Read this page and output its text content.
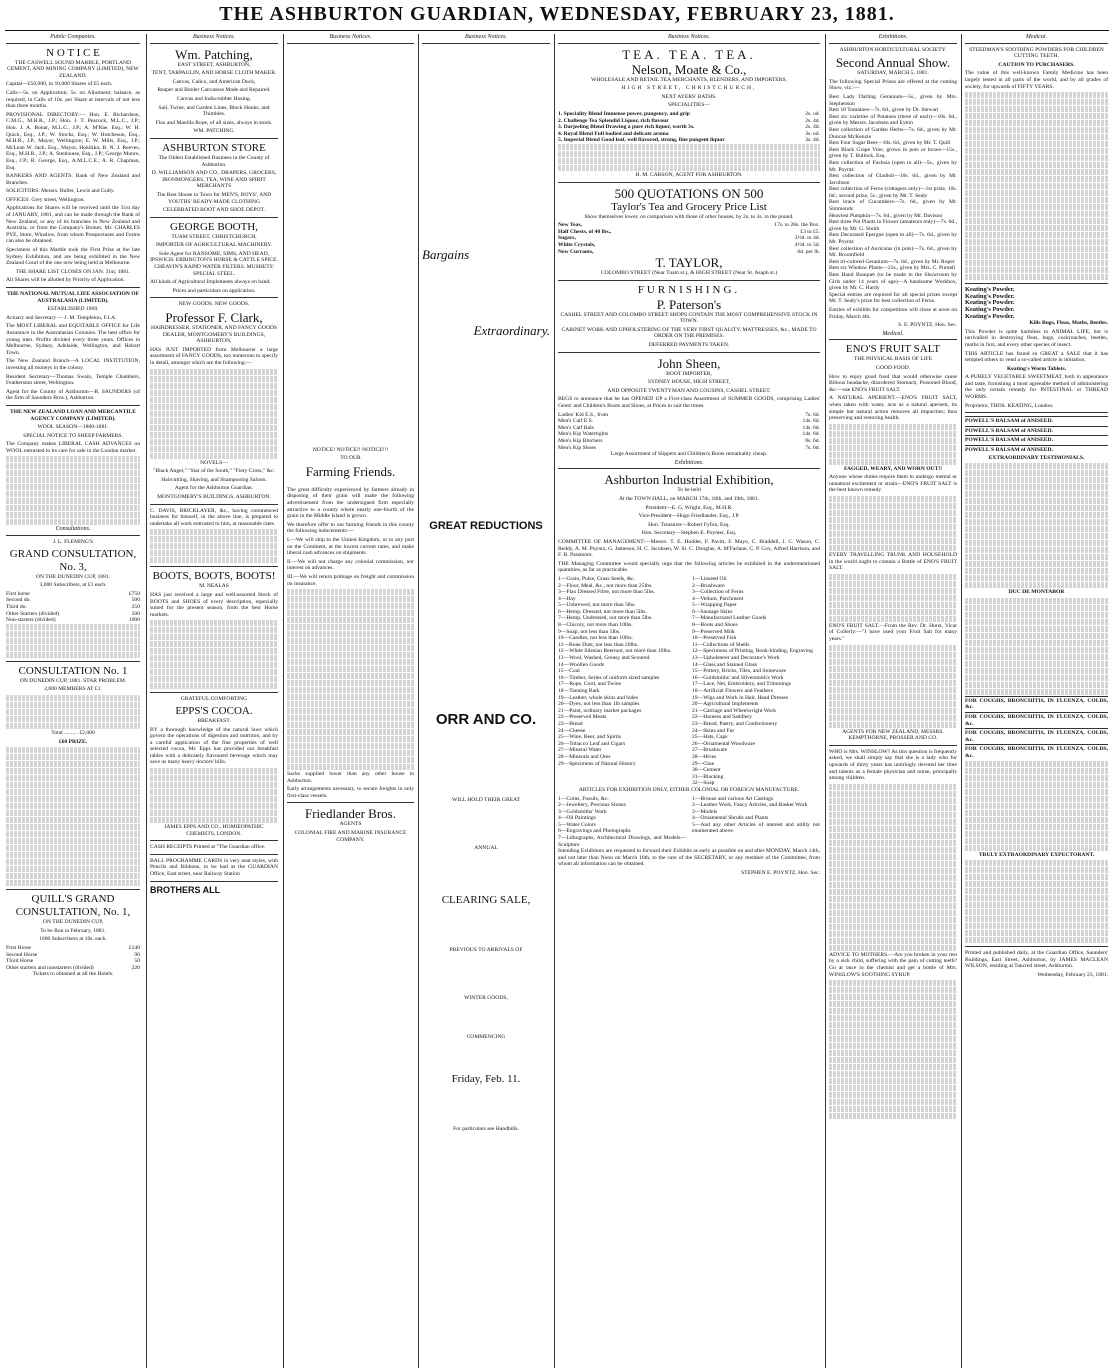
THE ASHBURTON GUARDIAN, WEDNESDAY, FEBRUARY 23, 1881.
Public Companies.
N O T I C E

THE CASWELL SOUND MARBLE, PORTLAND CEMENT, AND MINING COMPANY (LIMITED), NEW ZEALAND.

Capital—£50,000, in 10,000 Shares of £5 each.

Calls—5s. on Application; 5s. on Allotment; balance, as required, in Calls of 10s. per Share at intervals of not less than three months.

PROVISIONAL DIRECTORY:— Hon. E. Richardson, C.M.G., M.H.R., J.P.; Hon. J. T. Peacock, M.L.C., J.P.; Hon. J. A. Bonar, M.L.C., J.P.; A. M'Rae, Esq.; W. H. Quick, Esq., J.P.; W. Stocks, Esq.; W. Hutcheson, Esq., M.H.R., J.P., Mayor, Wellington; E. W. Mills, Esq., J.P.; McLean W. Jack, Esq., Mayor, Hokitika; B. N. J. Reeves, Esq., M.H.R., J.P.; A. Stenhouse, Esq., J.P.; George Munro, Esq., J.P.; R. George, Esq., A.M.L.C.E.; A. R. Chapman, Esq.

BANKERS AND AGENTS: Bank of New Zealand and Branches.

SOLICITORS: Messrs. Buller, Lewis and Gully.

OFFICES: Grey street, Wellington.

Applications for Shares will be received until the 31st day of JANUARY, 1881, and can be made through the Bank of New Zealand, or any of its branches in New Zealand and Australia, or from the Company's Broker, Mr. CHARLES PYE, Store, Winslow, from whom Prospectuses and Forms can also be obtained.

Specimens of this Marble took the First Prize at the late Sydney Exhibition, and are being exhibited in the New Zealand Court of the one now being held at Melbourne.

THE SHARE LIST CLOSES ON JAN. 31st, 1881.

All Shares will be allotted by Priority of Application.

THE NATIONAL MUTUAL LIFE ASSOCIATION OF AUSTRALASIA (LIMITED).

ESTABLISHED 1869.

Actuary and Secretary — J. M. Templeton, F.I.A.

The MOST LIBERAL and EQUITABLE OFFICE for Life Assurance in the Australasian Colonies. The best office for young men. Profits divided every three years. Offices in Melbourne, Sydney, Adelaide, Wellington, and Hobart Town.

The New Zealand Branch—A LOCAL INSTITUTION, investing all moneys in the colony.

Resident Secretary—Thomas Swain, Temple Chambers, Featherston street, Wellington.

Agent for the County of Ashburton—B. SAUNDERS (of the firm of Saunders Bros.), Ashburton.

THE NEW ZEALAND LOAN AND MERCANTILE AGENCY COMPANY (LIMITED).

WOOL SEASON—1880-1881.

SPECIAL NOTICE TO SHEEP FARMERS.

The Company makes LIBERAL CASH ADVANCES on WOOL entrusted to its care for sale in the London market.

Consultations.

J. L. FLEMING'S

GRAND CONSULTATION, No. 3,

ON THE DUNEDIN CUP, 1881.

3,000 Subscribers, at £1 each.

First horse	£750
Second do.	500
Third do.	250
Other Starters (divided)	500
Non-starters (divided)	1000
CONSULTATION No. 1

ON DUNEDIN CUP, 1881. STAR PROBLEM.

2,000 MEMBERS AT £1.

Total .......... £2,000

£60 PRIZE.

QUILL'S GRAND CONSULTATION, No. 1,

ON THE DUNEDIN CUP,

To be Run in February, 1881.

1000 Subscribers at 10s. each.

First Horse	£140
Second Horse	90
Third Horse	50
Other starters and nonstarters (divided)	220

Tickets to obtained at all the Hotels.

Business Notices.
Wm. Patching,

EAST STREET, ASHBURTON,

TENT, TARPAULIN, AND HORSE CLOTH MAKER.

Canvas, Calico, and American Duck,

Reaper and Binder Canvasses Made and Repaired.

Canvas and India-rubber Hosing.

Sail, Twine, and Garden Lines, Block Hooks, and Thimbles.

Flax and Manilla Rope, of all sizes, always in stock.

WM. PATCHING.

ASHBURTON STORE

The Oldest Established Business in the County of Ashburton.

D. WILLIAMSON AND CO., DRAPERS, GROCERS, IRONMONGERS, TEA, WINE AND SPIRIT MERCHANTS

The Best House in Town for MEN'S, BOYS', AND YOUTHS' READY-MADE CLOTHING

CELEBRATED BOOT AND SHOE DEPOT.

GEORGE BOOTH,

TUAM STREET, CHRISTCHURCH,

IMPORTER OF AGRICULTURAL MACHINERY.

Sole Agent for RANSOME, SIMS, AND HEAD, IPSWICH. ERRINGTON'S HORSE & CATTLE SPICE. CHEAVIN'S RAPID WATER FILTERS. MUSHETS' SPECIAL STEEL.

All kinds of Agricultural Implements always on hand.

Prices and particulars on application.

NEW GOODS. NEW GOODS.

Professor F. Clark,

HAIRDRESSER, STATIONER, AND FANCY GOODS DEALER, MONTGOMERY'S BUILDINGS, ASHBURTON,

HAS JUST IMPORTED from Melbourne a large assortment of FANCY GOODS, too numerous to specify in detail, amongst which are the following:—

NOVELS—

"Black Angel," "Star of the South," "Fiery Cross," &c.

Haircutting, Shaving, and Shampooing Saloon.

Agent for the Ashburton Guardian.

MONTGOMERY'S BUILDINGS, ASHBURTON.

C. DAVIS, BRICKLAYER, &c., having commenced business for himself, in the above line, is prepared to undertake all work entrusted to him, at reasonable rates.

BOOTS, BOOTS, BOOTS!

M. NEALAS

HAS just received a large and well-assorted Stock of BOOTS and SHOES of every description, especially suited for the present season, from the best Home markets.

GRATEFUL COMFORTING

EPPS'S COCOA.

BREAKFAST.

BY a thorough knowledge of the natural laws which govern the operations of digestion and nutrition, and by a careful application of the fine properties of well selected cocoa, Mr. Epps has provided our breakfast tables with a delicately flavoured beverage which may save us many heavy doctors' bills.

JAMES EPPS AND CO., HOMŒOPATHIC CHEMISTS, LONDON.

CASH RECEIPTS Printed at "The Guardian office.

BALL PROGRAMME CARDS in very neat styles, with Pencils and Ribbons, to be had at the GUARDIAN Office, East street, near Railway Station

BROTHERS ALL
Business Notices.

NOTICE! NOTICE!! NOTICE!!!

TO OUR

Farming Friends.

The great difficulty experienced by farmers already in disposing of their grain will make the following advertisement from the undersigned firm especially attractive to a county where nearly one-fourth of the grain in the Middle Island is grown.

We therefore offer to our farming friends in this county the following inducements:—

I.—We will ship to the United Kingdom, or to any port on the Continent, at the lowest current rates, and make liberal cash advances on shipments.

II.—We will not charge any colonial commission, nor interest on advances.

III.—We will return primage on freight and commission on insurance.

Sacks supplied lower than any other house in Ashburton.

Early arrangements necessary, to secure freights in only first-class vessels.

Friedlander Bros.

AGENTS

COLONIAL FIRE AND MARINE INSURANCE COMPANY.

Business Notices.
Bargains
Extraordinary.
GREAT REDUCTIONS
ORR AND CO.

WILL HOLD THEIR GREAT

ANNUAL

CLEARING SALE,

PREVIOUS TO ARRIVALS OF

WINTER GOODS,

COMMENCING

Friday, Feb. 11.

For particulars see Handbills.

Business Notices.
TEA. TEA. TEA.
Nelson, Moate & Co.,

WHOLESALE AND RETAIL TEA MERCHANTS, BLENDERS, AND IMPORTERS,

HIGH STREET, CHRISTCHURCH,

NEXT AYERS' BATHS.

SPECIALITIES—

1. Speciality Blend Immense power, pungency, and grip	2s. od.
2. Challenge Tea Splendid Liquor, rich flavour	2s. 4d.
3. Darjeeling Blend Drawing a pure rich liquor, worth 3s.	2s. 4d.
4. Royal Blend Full bodied and delicate aroma	3s. od.
5. Imperial Blend Good leaf, well flavored, strong, fine pungent liquor	3s. 4d.

H. M. CARSON, AGENT FOR ASHBURTON.

500 QUOTATIONS ON 500
Taylor's Tea and Grocery Price List

Show themselves lower, on comparison with those of other houses, by 2s. to 3s. in the pound.

New Teas,	17s. to 28s. the Box.
Half Chests, of 40 lbs.,	£3 to £5.
Sugars,	3½d. to 4d.
White Crystals,	4½d. to 5d.
New Currants,	6d. per lb.
T. TAYLOR,

COLOMBO STREET (Near Tuam st.), & HIGH STREET (Near St. Asaph st.)

FURNISHING.
P. Paterson's

CASHEL STREET AND COLOMBO STREET SHOPS CONTAIN THE MOST COMPREHENSIVE STOCK IN TOWN.

CABINET WORK AND UPHOLSTERING OF THE VERY FIRST QUALITY. MATTRESSES, &c., MADE TO ORDER ON THE PREMISES.

DEFERRED PAYMENTS TAKEN.

John Sheen,

BOOT IMPORTER,

SYDNEY HOUSE, HIGH STREET,

AND OPPOSITE TWENTYMAN AND COUSINS, CASHEL STREET.

BEGS to announce that he has OPENED UP a First-class Assortment of SUMMER GOODS, comprising Ladies' Gents' and Children's Boots and Shoes, at Prices to suit the times.

Ladies' Kid E.S., from	7s. 6d.
Men's Calf E.S.	14s. 6d.
Men's Calf Bals	14s. 6d.
Men's Kip Watertights	14s. 6d.
Men's Kip Bluchers	8s. 6d.
Men's Kip Shoes	7s. 6d.

Large Assortment of Slippers and Children's Boots remarkably cheap.

Exhibitions.
Ashburton Industrial Exhibition,

To be held

At the TOWN HALL, on MARCH 17th, 18th, and 19th, 1881.

President—E. G. Wright, Esq., M.H.R.

Vice-President—Hugo Friedlander, Esq., J.P.

Hon. Treasurer—Robert Fyfon, Esq.

Hon. Secretary—Stephen E. Poynter, Esq.

COMMITTEE OF MANAGEMENT:—Messrs. T. E. Hodder, F. Pavitt, F. Mayo, C. Braddell, J. C. Wason, C. Reddy, A. M. Poyntz, G. Jameson, H. C. Jacobsen, W. St. C. Douglas, A. M'Farlane, C. P. Cox, Alfred Harrison, and F. B. Passmore.

THE Managing Committee would specially urge that the following articles be exhibited in the undermentioned quantities, as far as practicable.

1—Grain, Pulse, Grass Seeds, &c.
2—Flour, Meal, &c., not more than 25lbs.
3—Flax Dressed Fibre, not more than 5lbs.
4—Hay
5—Unbrewed, not more than 5lbs.
6—Hemp, Dressed, not more than 5lbs.
7—Hemp, Undressed, not more than 5lbs.
8—Chicory, not more than 10lbs.
9—Soap, not less than 5lbs.
10—Candles, not less than 10lbs.
11—Bone Dust, not less than 20lbs.
12—White Silesian Beetroot, not more than 10lbs.
13—Wool, Washed, Greasy and Scoured.
14—Woollen Goods
15—Coal
16—Timber, Series of uniform sized samples
17—Rope, Cord, and Twine
18—Tanning Bark
19—Leather, whole skins and hides
20—Dyes, not less than 1lb samples
21—Paint, ordinary market packages
22—Preserved Meats
23—Bread
24—Cheese
25—Wine, Beer, and Spirits
26—Tobacco Leaf and Cigars
27—Mineral Water
28—Minerals and Ores
29—Specimens of Natural History
1—Linseed Oil
2—Brushware
3—Collection of Ferns
4—Vellum, Parchment
5—Wrapping Paper
6—Sausage Skins
7—Manufactured Leather Goods
8—Boots and Shoes
9—Preserved Milk
10—Preserved Fish
11—Collections of Shells
12—Specimens of Printing, Book-binding, Engraving
13—Upholsterer and Decorator's Work
14—Glass and Stained Glass
15—Pottery, Bricks, Tiles, and Stoneware
16—Goldsmiths' and Silversmith's Work
17—Lace, Net, Embroidery, and Trimmings
18—Artificial Flowers and Feathers
19—Wigs and Work in Hair, Head Dresses
20—Agricultural Implements
21—Carriage and Wheelwright Work
22—Harness and Saddlery
23—Bread, Pastry, and Confectionery
24—Skins and Fur
25—Hats, Caps
26—Ornamental Woodware
27—Brushware
28—Hives
29—Glue
30—Cement
31—Blacking
32—Soap

ARTICLES FOR EXHIBITION ONLY, EITHER COLONIAL OR FOREIGN MANUFACTURE.

1—Coins, Fossils, &c.
2—Jewellery, Precious Stones
3—Goldsmiths' Work
4—Oil Paintings
5—Water Colors
6—Engravings and Photographs
7—Lithographs, Architectural Drawings, and Models—Sculpture
1—Bronze and various Art Castings
2—Leather Work, Fancy Articles, and Basket Work
3—Models
4—Ornamental Shrubs and Plants
5—And any other Articles of interest and utility not enumerated above.

Intending Exhibitors are requested to forward their Exhibits as early as possible on and after MONDAY, March 14th, and not later than Noon on March 16th, to the care of the SECRETARY, or any member of the Committee, from whom all information can be obtained.

STEPHEN E. POYNTZ, Hon. Sec.

Exhibitions.

ASHBURTON HORTICULTURAL SOCIETY.

Second Annual Show.

SATURDAY, MARCH 5, 1881.

The following Special Prizes are offered at the coming Show, viz.:—

Best Lady Darling Geranium—5s., given by Mrs. Stephenson
Best 18 Tomatoes—7s. 6d., given by Dr. Stewart
Best six varieties of Potatoes (three of each)—10s. 6d., given by Messrs. Jacobsen and Eyton
Best collection of Garden Herbs—7s. 6d., given by Mr. Duncan McKenzie
Best Four Sugar Beet—10s. 6d., given by Mr. T. Quill
Best Black Grape Vine, grown in pots or boxes—15s., given by T. Bullock, Esq.
Best collection of Fuchsia (open to all)—5s., given by Mr. Poyntz
Best collection of Gladioli—10s. 6d., given by Mr. Jacobson
Best collection of Ferns (cottagers only)—1st prize, 10s. 6d.; second prize, 5s.; given by Mr. T. Sealy
Best brace of Cucumbers—7s. 6d., given by Mr. Simmonds
Heaviest Pumpkin—7s. 6d., given by Mr. Davison
Best three Pot Plants in Flower (amateurs only)—7s. 6d., given by Mr. G. Smith
Best Decorated Epergne (open to all)—7s. 6d., given by Mr. Poyntz
Best collection of Auriculas (in pots)—7s. 6d., given by Mr. Broomfield
Best tri-colored Geranium—7s. 6d., given by Mr. Roper
Best six Window Plants—21s., given by Mrs. C. Purnell
Best Hand Bouquet (to be made in the Showroom by Girls under 14 years of age)—A handsome Workbox, given by Mr. C. Hardy

Special entries are required for all special prizes except Mr. T. Sealy's prize for best collection of Ferns.

Entries of exhibits for competition will close at noon on Friday, March 4th.

S. E. POYNTZ, Hon. Sec.

Medical.
ENO'S FRUIT SALT

THE PHYSICAL BASIS OF LIFE

GOOD FOOD.

How to enjoy good food that would otherwise cause Bilious headache, disordered Stomach, Poisoned Blood, &c.—use ENO'S FRUIT SALT.

A NATURAL APERIENT.—ENO'S FRUIT SALT, when taken with water, acts as a natural aperient, its simple but natural action removes all impurities; thus preserving and restoring health.

FAGGED, WEARY, AND WORN OUT!!

Anyone whose duties require them to undergo mental or unnatural excitement or strain—ENO'S FRUIT SALT is the best known remedy.

EVERY TRAVELLING TRUNK AND HOUSEHOLD in the world ought to contain a Bottle of ENO'S FRUIT SALT.

ENO'S FRUIT SALT.—From the Rev. Dr. Hurst, Vicar of Collerly:—"I have used your Fruit Salt for many years."

AGENTS FOR NEW ZEALAND, MESSRS. KEMPTHORNE, PROSSER AND CO.

WHO is Mrs. WINSLOW? As this question is frequently asked, we shall simply say that she is a lady who for upwards of thirty years has untiringly devoted her time and talents as a female physician and nurse, principally among children.

ADVICE TO MOTHERS.—Are you broken in your rest by a sick child, suffering with the pain of cutting teeth? Go at once to the chemist and get a bottle of Mrs. WINSLOW'S SOOTHING SYRUP.

Medical.

STEEDMAN'S SOOTHING POWDERS FOR CHILDREN CUTTING TEETH.

CAUTION TO PURCHASERS.

The value of this well-known Family Medicine has been largely tested in all parts of the world, and by all grades of society, for upwards of FIFTY YEARS.

Keating's Powder.
Keating's Powder.
Keating's Powder.
Keating's Powder.
Keating's Powder.

Kills Bugs, Fleas, Moths, Beetles.

This Powder is quite harmless to ANIMAL LIFE, but is unrivalled in destroying fleas, bugs, cockroaches, beetles, moths in furs, and every other species of insect.

THIS ARTICLE has found so GREAT a SALE that it has tempted others to vend a so-called article in imitation.

Keating's Worm Tablets.

A PURELY VEGETABLE SWEETMEAT, both in appearance and taste, furnishing a most agreeable method of administering the only certain remedy for INTESTINAL or THREAD WORMS.

Proprietor, THOS. KEATING, London.

POWELL'S BALSAM of ANISEED.
POWELL'S BALSAM of ANISEED.
POWELL'S BALSAM of ANISEED.
POWELL'S BALSAM of ANISEED.

EXTRAORDINARY TESTIMONIALS.

DUC DE MONTABOR

FOR COUGHS, BRONCHITIS, IN FLUENZA, COLDS, &c.
FOR COUGHS, BRONCHITIS, IN FLUENZA, COLDS, &c.
FOR COUGHS, BRONCHITIS, IN FLUENZA, COLDS, &c.
FOR COUGHS, BRONCHITIS, IN FLUENZA, COLDS, &c.

TRULY EXTRAORDINARY EXPECTORANT.

Printed and published daily, at the Guardian Office, Saunders' Buildings, East Street, Ashburton, by JAMES MACLEAN WILSON, residing at Tancred street, Ashburton.

Wednesday, February 23, 1881.
